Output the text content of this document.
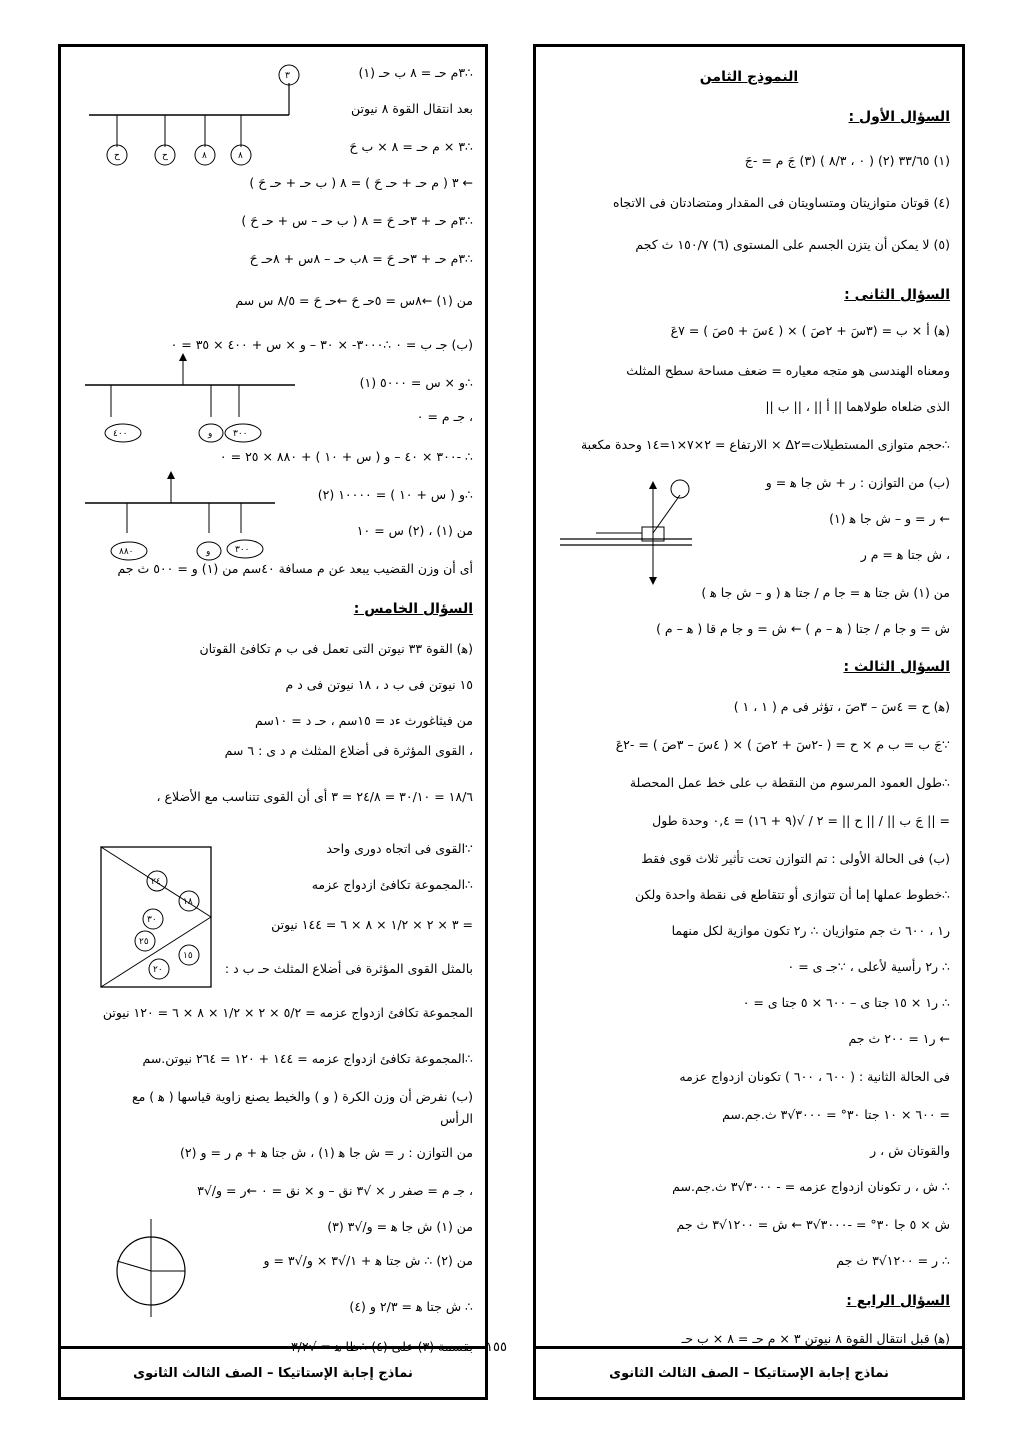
∴٣م حـ = ٨ ب حـ (١)
بعد انتقال القوة ٨ نيوتن
∴٣ × م حـ = ٨ × ب حَ
← ٣ ( م حـ + حـ حَ ) = ٨ ( ب حـ + حـ حَ )
∴٣م حـ + ٣حـ حَ = ٨ ( ب حـ – س + حـ حَ )
∴٣م حـ + ٣حـ حَ = ٨ب حـ – ٨س + ٨حـ حَ
من (١) ←٨س = ٥حـ حَ ←حـ حَ = ٨/٥ س سم
(ب) جـ ب = ٠ ∴٣٠٠٠- × ٣٠ – و × س + ٤٠٠ × ٣٥ = ٠
∴و × س = ٥٠٠٠ (١)
، جـ م = ٠
∴ -٣٠٠ × ٤٠ – و ( س + ١٠ ) + ٨٨٠ × ٢٥ = ٠
∴و ( س + ١٠ ) = ١٠٠٠٠ (٢)
من (١) ، (٢) س = ١٠
أى أن وزن القضيب يبعد عن م مسافة ٤٠سم من (١) و = ٥٠٠ ث جم
السؤال الخامس :
(ﻫ) القوة ٣٣ نيوتن التى تعمل فى ب م تكافئ القوتان
١٥ نيوتن فى ب د ، ١٨ نيوتن فى د م
من فيثاغورث ءد = ١٥سم ، حـ د = ١٠سم
، القوى المؤثرة فى أضلاع المثلث م د ى : ٦ سم
١٨/٦ = ٣٠/١٠ = ٢٤/٨ = ٣ أى أن القوى تتناسب مع الأضلاع ،
∵القوى فى اتجاه دورى واحد
∴المجموعة تكافئ ازدواج عزمه
= ٣ × ٢ × ١/٢ × ٨ × ٦ = ١٤٤ نيوتن
بالمثل القوى المؤثرة فى أضلاع المثلث حـ ب د :
المجموعة تكافئ ازدواج عزمه = ٥/٢ × ٢ × ١/٢ × ٨ × ٦ = ١٢٠ نيوتن
∴المجموعة تكافئ ازدواج عزمه = ١٤٤ + ١٢٠ = ٢٦٤ نيوتن.سم
(ب) نفرض أن وزن الكرة ( و ) والخيط يصنع زاوية قياسها ( ﻫ ) مع
الرأس
من التوازن : ر = ش جا ﻫ (١) ، ش جتا ﻫ + م ر = و (٢)
، جـ م = صفر ر × √٣ نق – و × نق = ٠ ←ر = و/√٣
من (١) ش جا ﻫ = و/√٣ (٣)
من (٢) ∴ ش جتا ﻫ + ١/√٣ × و/√٣ = و
∴ ش جتا ﻫ = ٢/٣ و (٤)
بقسمة (٣) على (٤) ∴ظا ﻫ = √٣/٢
٣
٨
٨
ح
ح
٤٠٠	و ٣٠٠
٨٨٠	و	٣٠٠
٢٤
١٨
٣٠
٢٥
١٥
٢٠
نماذج إجابة الإستاتيكا – الصف الثالث الثانوى
١٥٥
النموذج الثامن
السؤال الأول :
(١) ٣٣/٦٥ (٢) ( ٠ ، ٨/٣ ) (٣) جَ م = -جَ
(٤) قوتان متوازيتان ومتساويتان فى المقدار ومتضادتان فى الاتجاه
(٥) لا يمكن أن يتزن الجسم على المستوى (٦) ١٥٠/٧ ث كجم
السؤال الثانى :
(ﻫ) أ × ب = (٣سَ + ٢صَ ) × ( ٤سَ + ٥صَ ) = ٧عَ
ومعناه الهندسى هو متجه معياره = ضعف مساحة سطح المثلث
الذى ضلعاه طولاهما || أ || ، || ب ||
∴حجم متوازى المستطيلات=٢∆ × الارتفاع = ٢×٧×١=١٤ وحدة مكعبة
(ب) من التوازن : ر + ش جا ﻫ = و
← ر = و – ش جا ﻫ (١)
، ش جتا ﻫ = م ر
من (١) ش جتا ﻫ = جا م / جتا ﻫ ( و – ش جا ﻫ )
ش = و جا م / جتا ( ﻫ – م ) ← ش = و جا م قا ( ﻫ – م )
السؤال الثالث :
(ﻫ) ح = ٤سَ – ٣صَ ، تؤثر فى م ( ١ ، ١ )
∵جَ ب = ب م × ح = ( -٢سَ + ٢صَ ) × ( ٤سَ – ٣صَ ) = -٢عَ
∴طول العمود المرسوم من النقطة ب على خط عمل المحصلة
= || جَ ب || / || ح || = ٢ / √(٩ + ١٦) = ٠,٤ وحدة طول
(ب) فى الحالة الأولى : تم التوازن تحت تأثير ثلاث قوى فقط
∴خطوط عملها إما أن تتوازى أو تتقاطع فى نقطة واحدة ولكن
ر١ ، ٦٠٠ ث جم متوازيان ∴ ر٢ تكون موازية لكل منهما
∴ ر٢ رأسية لأعلى ، ∵جـ ى = ٠
∴ ر١ × ١٥ جتا ى – ٦٠٠ × ٥ جتا ى = ٠
← ر١ = ٢٠٠ ث جم
فى الحالة الثانية : ( ٦٠٠ ، ٦٠٠ ) تكونان ازدواج عزمه
= ٦٠٠ × ١٠ جتا ٣٠° = ٣٠٠٠√٣ ث.جم.سم
والقوتان ش ، ر
∴ ش ، ر تكونان ازدواج عزمه = - ٣٠٠٠√٣ ث.جم.سم
ش × ٥ جا ٣٠° = -٣٠٠٠√٣ ← ش = ١٢٠٠√٣ ث جم
∴ ر = ١٢٠٠√٣ ث جم
السؤال الرابع :
(ﻫ) قبل انتقال القوة ٨ نيوتن ٣ × م حـ = ٨ × ب حـ
نماذج إجابة الإستاتيكا – الصف الثالث الثانوى
